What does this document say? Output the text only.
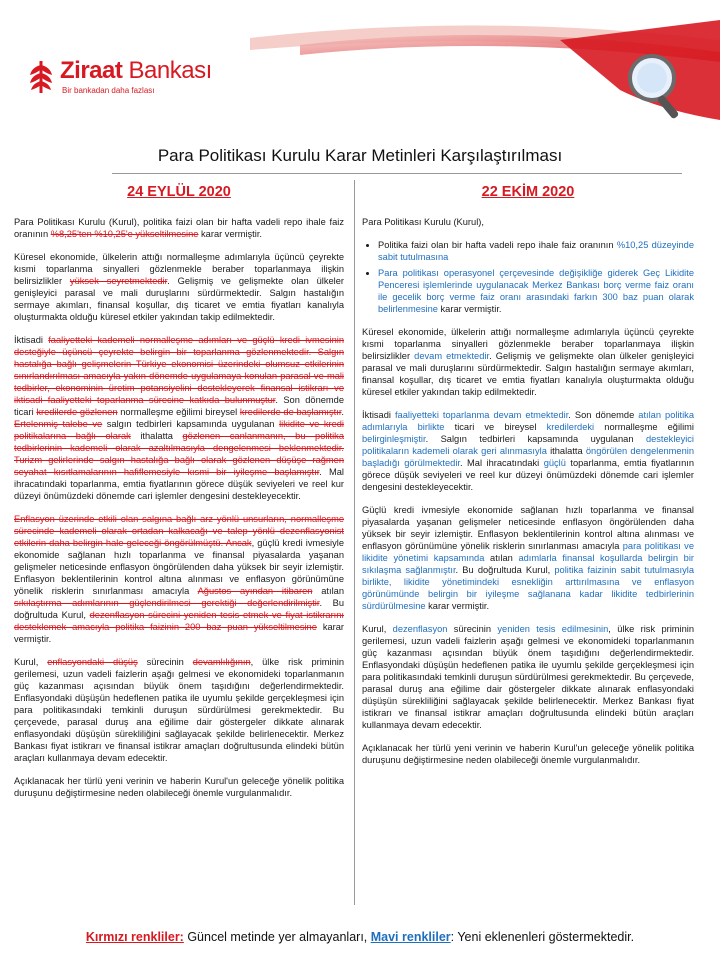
Ziraat Bankası
Bir bankadan daha fazlası
Para Politikası Kurulu Karar Metinleri Karşılaştırılması
24 EYLÜL 2020

Para Politikası Kurulu (Kurul), politika faizi olan bir hafta vadeli repo ihale faiz oranının %8,25'ten %10,25'e yükseltilmesine karar vermiştir.

Küresel ekonomide, ülkelerin attığı normalleşme adımlarıyla üçüncü çeyrekte kısmi toparlanma sinyalleri gözlenmekle beraber toparlanmaya ilişkin belirsizlikler yüksek seyretmektedir. Gelişmiş ve gelişmekte olan ülkeler genişleyici parasal ve mali duruşlarını sürdürmektedir. Salgın hastalığın sermaye akımları, finansal koşullar, dış ticaret ve emtia fiyatları kanalıyla oluşturmakta olduğu küresel etkiler yakından takip edilmektedir.

İktisadi faaliyetteki kademeli normalleşme adımları ve güçlü kredi ivmesinin desteğiyle üçüncü çeyrekte belirgin bir toparlanma gözlenmektedir. Salgın hastalığa bağlı gelişmelerin Türkiye ekonomisi üzerindeki olumsuz etkilerinin sınırlandırılması amacıyla yakın dönemde uygulamaya konulan parasal ve mali tedbirler, ekonominin üretim potansiyelini destekleyerek finansal istikrarı ve iktisadi faaliyetteki toparlanma sürecine katkıda bulunmuştur. Son dönemde ticari kredilerde gözlenen normalleşme eğilimi bireysel kredilerde de başlamıştır. Ertelenmiş talebe ve salgın tedbirleri kapsamında uygulanan likidite ve kredi politikalarına bağlı olarak ithalatta gözlenen canlanmanın, bu politika tedbirlerinin kademeli olarak azaltılmasıyla dengelenmesi beklenmektedir. Turizm gelirlerinde salgın hastalığa bağlı olarak gözlenen düşüşe rağmen seyahat kısıtlamalarının hafiflemesiyle kısmi bir iyileşme başlamıştır. Mal ihracatındaki toparlanma, emtia fiyatlarının görece düşük seviyeleri ve reel kur düzeyi önümüzdeki dönemde cari işlemler dengesini destekleyecektir.

Enflasyon üzerinde etkili olan salgına bağlı arz yönlü unsurların, normalleşme sürecinde kademeli olarak ortadan kalkacağı ve talep yönlü dezenflasyonist etkilerin daha belirgin hale geleceği öngörülmüştü. Ancak, güçlü kredi ivmesiyle ekonomide sağlanan hızlı toparlanma ve finansal piyasalarda yaşanan gelişmeler neticesinde enflasyon öngörülenden daha yüksek bir seyir izlemiştir. Enflasyon beklentilerinin kontrol altına alınması ve enflasyon görünümüne yönelik risklerin sınırlanması amacıyla Ağustos ayından itibaren atılan sıkılaştırma adımlarının güçlendirilmesi gerektiği değerlendirilmiştir. Bu doğrultuda Kurul, dezenflasyon sürecini yeniden tesis etmek ve fiyat istikrarını desteklemek amacıyla politika faizinin 200 baz puan yükseltilmesine karar vermiştir.

Kurul, enflasyondaki düşüş sürecinin devamlılığının, ülke risk priminin gerilemesi, uzun vadeli faizlerin aşağı gelmesi ve ekonomideki toparlanmanın güç kazanması açısından büyük önem taşıdığını değerlendirmektedir. Enflasyondaki düşüşün hedeflenen patika ile uyumlu şekilde gerçekleşmesi için para politikasındaki temkinli duruşun sürdürülmesi gerekmektedir. Bu çerçevede, parasal duruş ana eğilime dair göstergeler dikkate alınarak enflasyondaki düşüşün sürekliliğini sağlayacak şekilde belirlenecektir. Merkez Bankası fiyat istikrarı ve finansal istikrar amaçları doğrultusunda elindeki bütün araçları kullanmaya devam edecektir.

Açıklanacak her türlü yeni verinin ve haberin Kurul'un geleceğe yönelik politika duruşunu değiştirmesine neden olabileceği önemle vurgulanmalıdır.

22 EKİM 2020

Para Politikası Kurulu (Kurul),

• Politika faizi olan bir hafta vadeli repo ihale faiz oranının %10,25 düzeyinde sabit tutulmasına
• Para politikası operasyonel çerçevesinde değişikliğe giderek Geç Likidite Penceresi işlemlerinde uygulanacak Merkez Bankası borç verme faiz oranı ile gecelik borç verme faiz oranı arasındaki farkın 300 baz puan olarak belirlenmesine karar vermiştir.

Küresel ekonomide, ülkelerin attığı normalleşme adımlarıyla üçüncü çeyrekte kısmi toparlanma sinyalleri gözlenmekle beraber toparlanmaya ilişkin belirsizlikler devam etmektedir. Gelişmiş ve gelişmekte olan ülkeler genişleyici parasal ve mali duruşlarını sürdürmektedir. Salgın hastalığın sermaye akımları, finansal koşullar, dış ticaret ve emtia fiyatları kanalıyla oluşturmakta olduğu küresel etkiler yakından takip edilmektedir.

İktisadi faaliyetteki toparlanma devam etmektedir. Son dönemde atılan politika adımlarıyla birlikte ticari ve bireysel kredilerdeki normalleşme eğilimi belirginleşmiştir. Salgın tedbirleri kapsamında uygulanan destekleyici politikaların kademeli olarak geri alınmasıyla ithalatta öngörülen dengelenmenin başladığı görülmektedir. Mal ihracatındaki güçlü toparlanma, emtia fiyatlarının görece düşük seviyeleri ve reel kur düzeyi önümüzdeki dönemde cari işlemler dengesini destekleyecektir.

Güçlü kredi ivmesiyle ekonomide sağlanan hızlı toparlanma ve finansal piyasalarda yaşanan gelişmeler neticesinde enflasyon öngörülenden daha yüksek bir seyir izlemiştir. Enflasyon beklentilerinin kontrol altına alınması ve enflasyon görünümüne yönelik risklerin sınırlanması amacıyla para politikası ve likidite yönetimi kapsamında atılan adımlarla finansal koşullarda belirgin bir sıkılaşma sağlanmıştır. Bu doğrultuda Kurul, politika faizinin sabit tutulmasıyla birlikte, likidite yönetimindeki esnekliğin arttırılmasına ve enflasyon görünümünde belirgin bir iyileşme sağlanana kadar likidite tedbirlerinin sürdürülmesine karar vermiştir.

Kurul, dezenflasyon sürecinin yeniden tesis edilmesinin, ülke risk priminin gerilemesi, uzun vadeli faizlerin aşağı gelmesi ve ekonomideki toparlanmanın güç kazanması açısından büyük önem taşıdığını değerlendirmektedir. Enflasyondaki düşüşün hedeflenen patika ile uyumlu şekilde gerçekleşmesi için para politikasındaki temkinli duruşun sürdürülmesi gerekmektedir. Bu çerçevede, parasal duruş ana eğilime dair göstergeler dikkate alınarak enflasyondaki düşüşün sürekliliğini sağlayacak şekilde belirlenecektir. Merkez Bankası fiyat istikrarı ve finansal istikrar amaçları doğrultusunda elindeki bütün araçları kullanmaya devam edecektir.

Açıklanacak her türlü yeni verinin ve haberin Kurul'un geleceğe yönelik politika duruşunu değiştirmesine neden olabileceği önemle vurgulanmalıdır.

Kırmızı renkliler: Güncel metinde yer almayanları, Mavi renkliler: Yeni eklenenleri göstermektedir.
